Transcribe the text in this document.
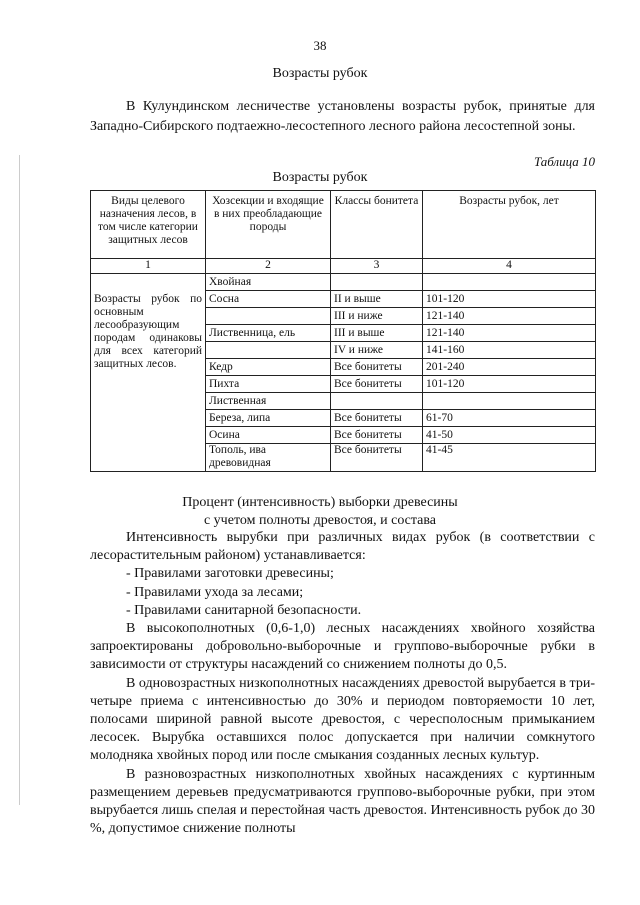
38
Возрасты рубок
В Кулундинском лесничестве установлены возрасты рубок, принятые для Западно-Сибирского подтаежно-лесостепного лесного района лесостепной зоны.
Таблица 10
Возрасты рубок
Виды целевого назначения лесов, в том числе категории защитных лесов	Хозсекции и входящие в них преобладающие породы	Классы бонитета	Возрасты рубок, лет
1	2	3	4
	Хвойная		
Возрасты рубок по основным лесообразующим породам одинаковы для всех категорий защитных лесов.	Сосна	II и выше	101-120
		III и ниже	121-140
	Лиственница, ель	III и выше	121-140
		IV и ниже	141-160
	Кедр	Все бонитеты	201-240
	Пихта	Все бонитеты	101-120
	Лиственная		
	Береза, липа	Все бонитеты	61-70
	Осина	Все бонитеты	41-50
	Тополь, ива древовидная	Все бонитеты	41-45
Процент (интенсивность) выборки древесины
с учетом полноты древостоя, и состава

Интенсивность вырубки при различных видах рубок (в соответствии с лесорастительным районом) устанавливается:

- Правилами заготовки древесины;

- Правилами ухода за лесами;

- Правилами санитарной безопасности.

В высокополнотных (0,6-1,0) лесных насаждениях хвойного хозяйства запроектированы добровольно-выборочные и группово-выборочные рубки в зависимости от структуры насаждений со снижением полноты до 0,5.

В одновозрастных низкополнотных насаждениях древостой вырубается в три-четыре приема с интенсивностью до 30% и периодом повторяемости 10 лет, полосами шириной равной высоте древостоя, с чересполосным примыканием лесосек. Вырубка оставшихся полос допускается при наличии сомкнутого молодняка хвойных пород или после смыкания созданных лесных культур.

В разновозрастных низкополнотных хвойных насаждениях с куртинным размещением деревьев предусматриваются группово-выборочные рубки, при этом вырубается лишь спелая и перестойная часть древостоя. Интенсивность рубок до 30 %, допустимое снижение полноты
